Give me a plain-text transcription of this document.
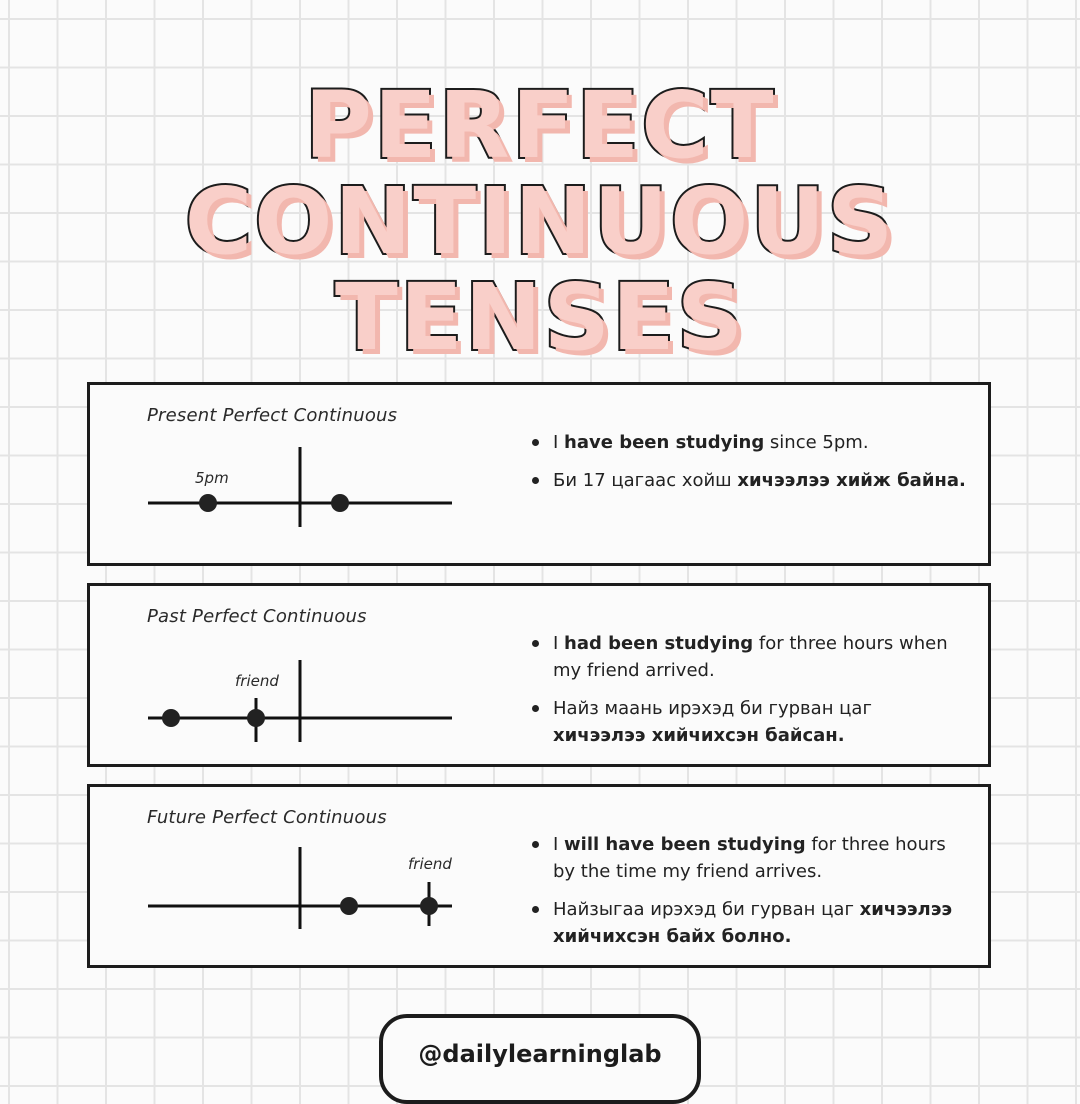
PERFECT
CONTINUOUS
TENSES
Present Perfect Continuous
5pm
I have been studying since 5pm.
Би 17 цагаас хойш хичээлээ хийж байна.
Past Perfect Continuous
friend
I had been studying for three hours when my friend arrived.
Найз маань ирэхэд би гурван цаг хичээлээ хийчихсэн байсан.
Future Perfect Continuous
friend
I will have been studying for three hours by the time my friend arrives.
Найзыгаа ирэхэд би гурван цаг хичээлээ хийчихсэн байх болно.
@dailylearninglab
